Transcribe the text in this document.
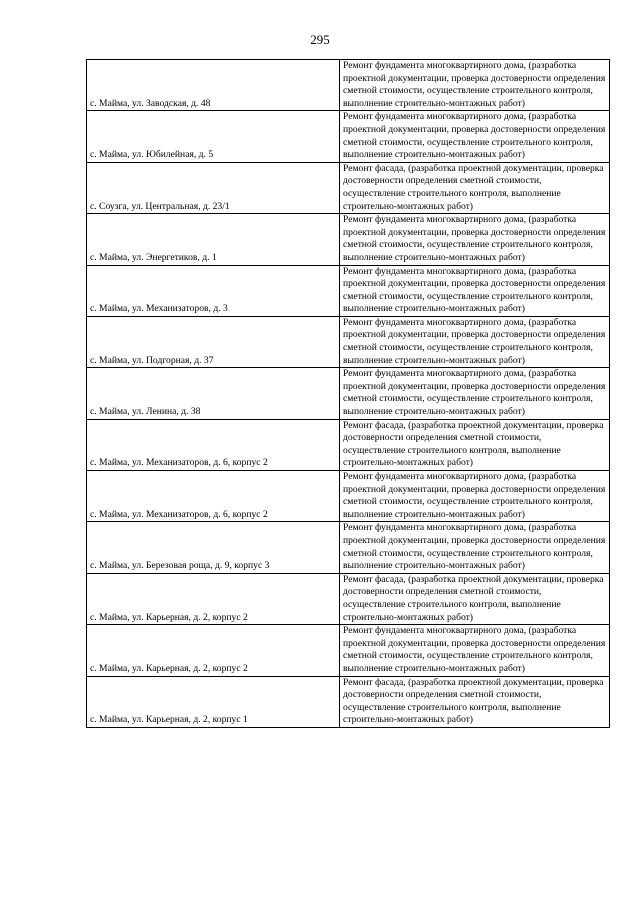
295
с. Майма, ул. Заводская, д. 48	Ремонт фундамента многоквартирного дома, (разработка проектной документации, проверка достоверности определения сметной стоимости, осуществление строительного контроля, выполнение строительно-монтажных работ)
с. Майма, ул. Юбилейная, д. 5	Ремонт фундамента многоквартирного дома, (разработка проектной документации, проверка достоверности определения сметной стоимости, осуществление строительного контроля, выполнение строительно-монтажных работ)
с. Соузга, ул. Центральная, д. 23/1	Ремонт фасада, (разработка проектной документации, проверка достоверности определения сметной стоимости, осуществление строительного контроля, выполнение строительно-монтажных работ)
с. Майма, ул. Энергетиков, д. 1	Ремонт фундамента многоквартирного дома, (разработка проектной документации, проверка достоверности определения сметной стоимости, осуществление строительного контроля, выполнение строительно-монтажных работ)
с. Майма, ул. Механизаторов, д. 3	Ремонт фундамента многоквартирного дома, (разработка проектной документации, проверка достоверности определения сметной стоимости, осуществление строительного контроля, выполнение строительно-монтажных работ)
с. Майма, ул. Подгорная, д. 37	Ремонт фундамента многоквартирного дома, (разработка проектной документации, проверка достоверности определения сметной стоимости, осуществление строительного контроля, выполнение строительно-монтажных работ)
с. Майма, ул. Ленина, д. 38	Ремонт фундамента многоквартирного дома, (разработка проектной документации, проверка достоверности определения сметной стоимости, осуществление строительного контроля, выполнение строительно-монтажных работ)
с. Майма, ул. Механизаторов, д. 6, корпус 2	Ремонт фасада, (разработка проектной документации, проверка достоверности определения сметной стоимости, осуществление строительного контроля, выполнение строительно-монтажных работ)
с. Майма, ул. Механизаторов, д. 6, корпус 2	Ремонт фундамента многоквартирного дома, (разработка проектной документации, проверка достоверности определения сметной стоимости, осуществление строительного контроля, выполнение строительно-монтажных работ)
с. Майма, ул. Березовая роща, д. 9, корпус 3	Ремонт фундамента многоквартирного дома, (разработка проектной документации, проверка достоверности определения сметной стоимости, осуществление строительного контроля, выполнение строительно-монтажных работ)
с. Майма, ул. Карьерная, д. 2, корпус 2	Ремонт фасада, (разработка проектной документации, проверка достоверности определения сметной стоимости, осуществление строительного контроля, выполнение строительно-монтажных работ)
с. Майма, ул. Карьерная, д. 2, корпус 2	Ремонт фундамента многоквартирного дома, (разработка проектной документации, проверка достоверности определения сметной стоимости, осуществление строительного контроля, выполнение строительно-монтажных работ)
с. Майма, ул. Карьерная, д. 2, корпус 1	Ремонт фасада, (разработка проектной документации, проверка достоверности определения сметной стоимости, осуществление строительного контроля, выполнение строительно-монтажных работ)
